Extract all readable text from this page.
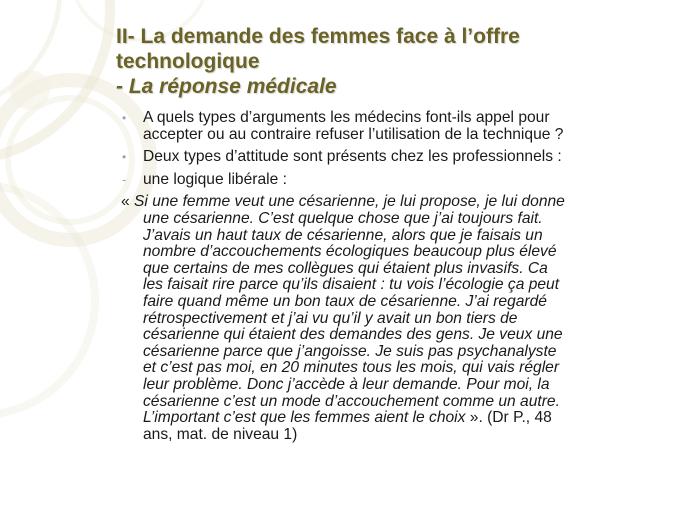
II- La demande des femmes face à l’offre
technologique
- La réponse médicale
• A quels types d’arguments les médecins font-ils appel pour
accepter ou au contraire refuser l’utilisation de la technique ?
• Deux types d’attitude sont présents chez les professionnels :
- une logique libérale :
« Si une femme veut une césarienne, je lui propose, je lui donne
une césarienne. C’est quelque chose que j’ai toujours fait.
J’avais un haut taux de césarienne, alors que je faisais un
nombre d’accouchements écologiques beaucoup plus élevé
que certains de mes collègues qui étaient plus invasifs. Ca
les faisait rire parce qu’ils disaient : tu vois l’écologie ça peut
faire quand même un bon taux de césarienne. J’ai regardé
rétrospectivement et j’ai vu qu’il y avait un bon tiers de
césarienne qui étaient des demandes des gens. Je veux une
césarienne parce que j’angoisse. Je suis pas psychanalyste
et c’est pas moi, en 20 minutes tous les mois, qui vais régler
leur problème. Donc j’accède à leur demande. Pour moi, la
césarienne c’est un mode d’accouchement comme un autre.
L’important c’est que les femmes aient le choix ». (Dr P., 48
ans, mat. de niveau 1)
